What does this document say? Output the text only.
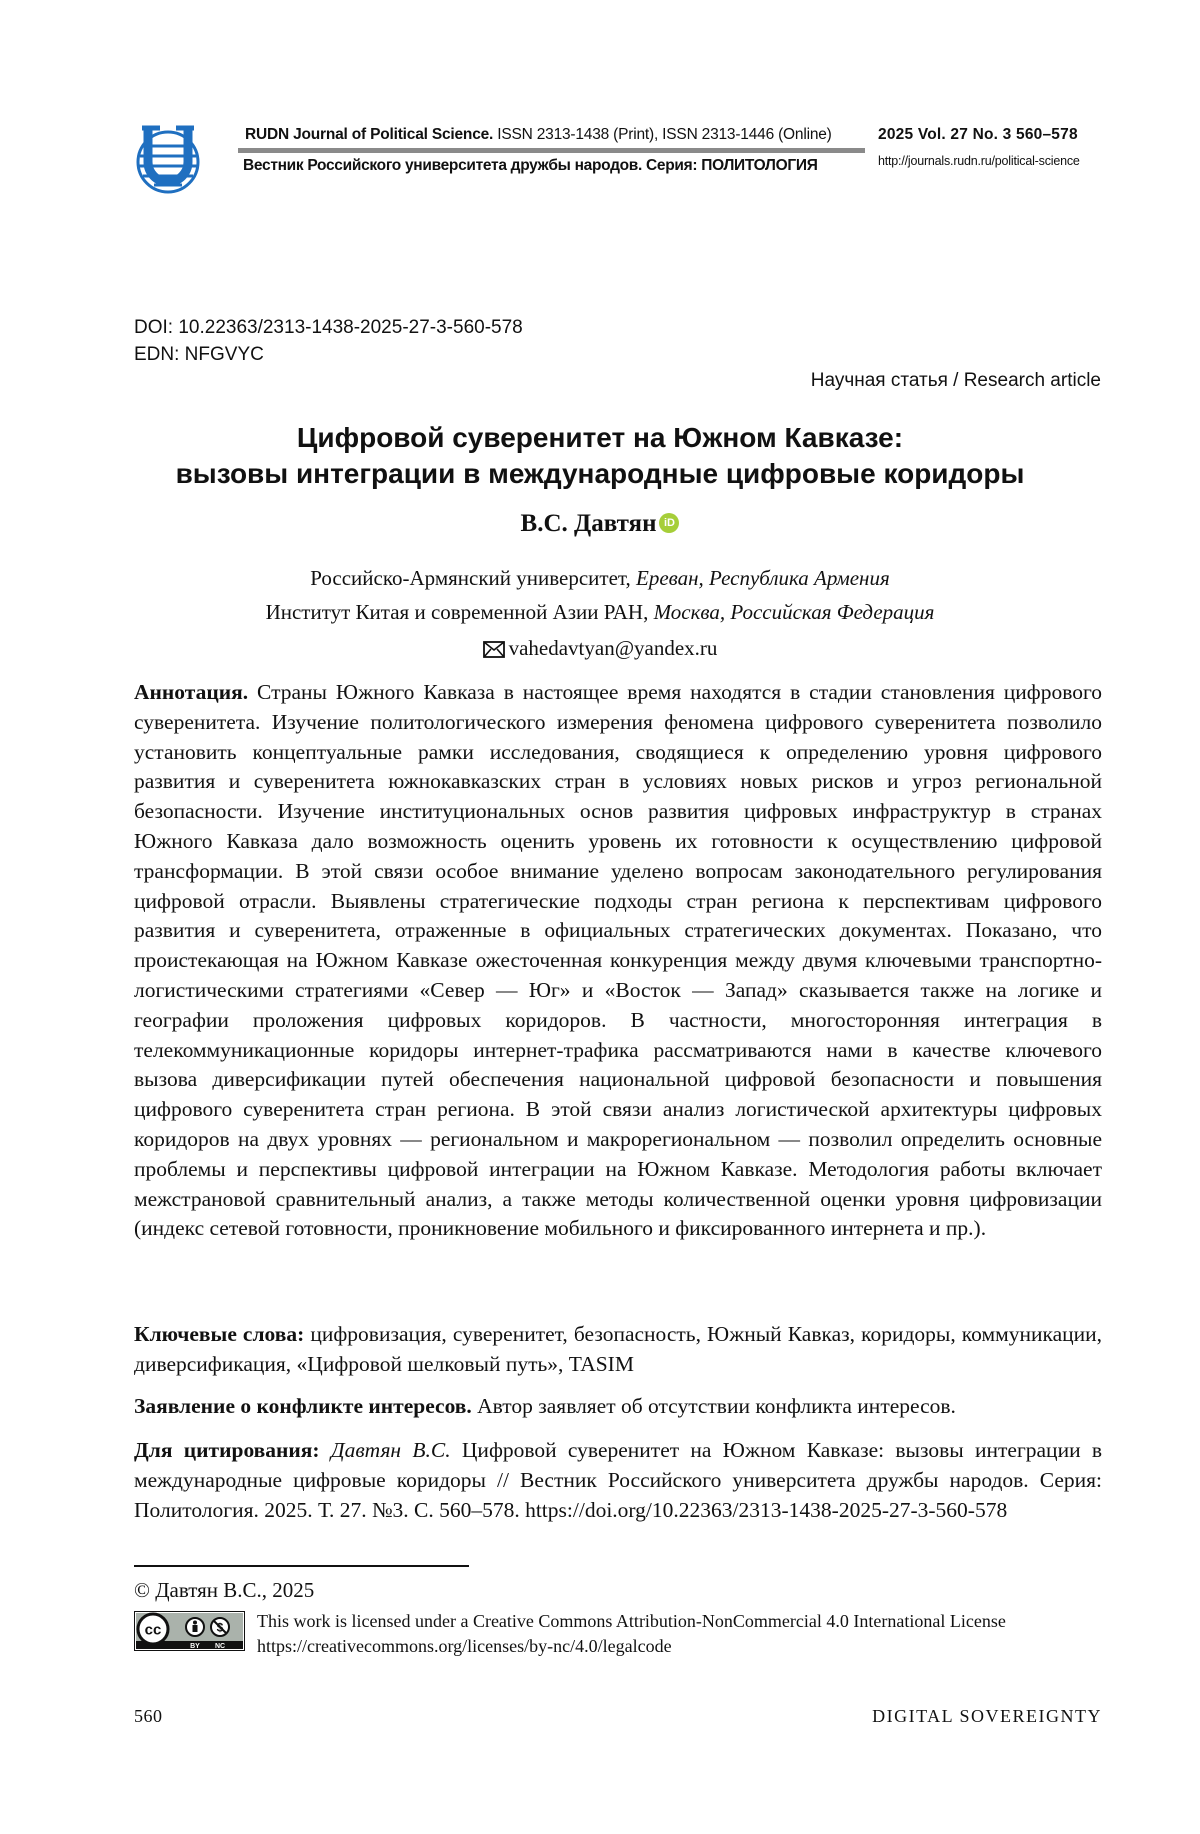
RUDN Journal of Political Science. ISSN 2313-1438 (Print), ISSN 2313-1446 (Online)
Вестник Российского университета дружбы народов. Серия: ПОЛИТОЛОГИЯ
2025 Vol. 27 No. 3 560–578
http://journals.rudn.ru/political-science
DOI: 10.22363/2313-1438-2025-27-3-560-578
EDN: NFGVYC
Научная статья / Research article
Цифровой суверенитет на Южном Кавказе:
вызовы интеграции в международные цифровые коридоры
В.С. Давтян iD
Российско-Армянский университет, Ереван, Республика Армения
Институт Китая и современной Азии РАН, Москва, Российская Федерация
vahedavtyan@yandex.ru
Аннотация. Страны Южного Кавказа в настоящее время находятся в стадии становления цифрового суверенитета. Изучение политологического измерения феномена цифрового суверенитета позволило установить концептуальные рамки исследования, сводящиеся к определению уровня цифрового развития и суверенитета южнокавказских стран в условиях новых рисков и угроз региональной безопасности. Изучение институциональных основ развития цифровых инфраструктур в странах Южного Кавказа дало возможность оценить уровень их готовности к осуществлению цифровой трансформации. В этой связи особое внимание уделено вопросам законодательного регулирования цифровой отрасли. Выявлены стратегические подходы стран региона к перспективам цифрового развития и суверенитета, отраженные в официальных стратегических документах. Показано, что проистекающая на Южном Кавказе ожесточенная конкуренция между двумя ключевыми транспортно-логистическими стратегиями «Север — Юг» и «Восток — Запад» сказывается также на логике и географии проложения цифровых коридоров. В частности, многосторонняя интеграция в телекоммуникационные коридоры интернет-трафика рассматриваются нами в качестве ключевого вызова диверсификации путей обеспечения национальной цифровой безопасности и повышения цифрового суверенитета стран региона. В этой связи анализ логистической архитектуры цифровых коридоров на двух уровнях — региональном и макрорегиональном — позволил определить основные проблемы и перспективы цифровой интеграции на Южном Кавказе. Методология работы включает межстрановой сравнительный анализ, а также методы количественной оценки уровня цифровизации (индекс сетевой готовности, проникновение мобильного и фиксированного интернета и пр.).
Ключевые слова: цифровизация, суверенитет, безопасность, Южный Кавказ, коридоры, коммуникации, диверсификация, «Цифровой шелковый путь», TASIM
Заявление о конфликте интересов. Автор заявляет об отсутствии конфликта интересов.
Для цитирования: Давтян В.С. Цифровой суверенитет на Южном Кавказе: вызовы интеграции в международные цифровые коридоры // Вестник Российского университета дружбы народов. Серия: Политология. 2025. Т. 27. №3. С. 560–578. https://doi.org/10.22363/2313-1438-2025-27-3-560-578
© Давтян В.С., 2025
cc
BY NC
This work is licensed under a Creative Commons Attribution-NonCommercial 4.0 International License
https://creativecommons.org/licenses/by-nc/4.0/legalcode
560	DIGITAL SOVEREIGNTY
